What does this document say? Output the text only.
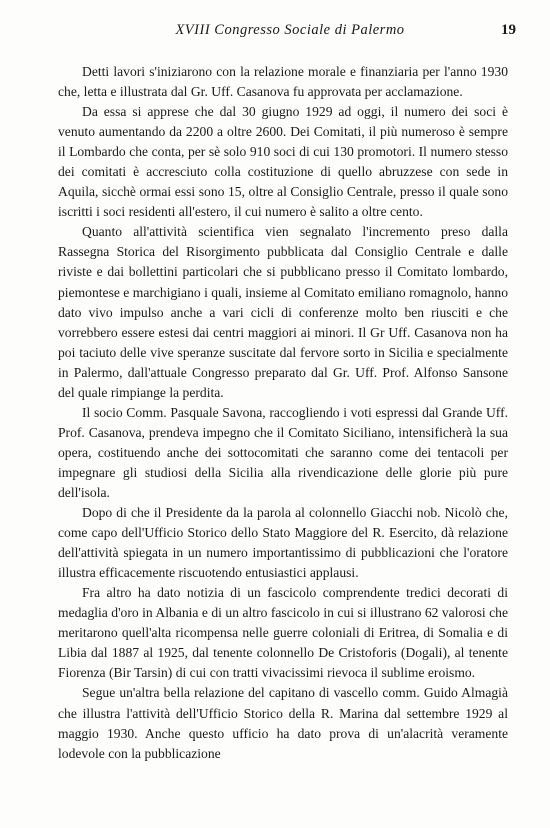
XVIII Congresso Sociale di Palermo	19

Detti lavori s'iniziarono con la relazione morale e finanziaria per l'anno 1930 che, letta e illustrata dal Gr. Uff. Casanova fu approvata per acclamazione.

Da essa si apprese che dal 30 giugno 1929 ad oggi, il numero dei soci è venuto aumentando da 2200 a oltre 2600. Dei Comitati, il più numeroso è sempre il Lombardo che conta, per sè solo 910 soci di cui 130 promotori. Il numero stesso dei comitati è accresciuto colla costituzione di quello abruzzese con sede in Aquila, sicchè ormai essi sono 15, oltre al Consiglio Centrale, presso il quale sono iscritti i soci residenti all'estero, il cui numero è salito a oltre cento.

Quanto all'attività scientifica vien segnalato l'incremento preso dalla Rassegna Storica del Risorgimento pubblicata dal Consiglio Centrale e dalle riviste e dai bollettini particolari che si pubblicano presso il Comitato lombardo, piemontese e marchigiano i quali, insieme al Comitato emiliano romagnolo, hanno dato vivo impulso anche a vari cicli di conferenze molto ben riusciti e che vorrebbero essere estesi dai centri maggiori ai minori. Il Gr Uff. Casanova non ha poi taciuto delle vive speranze suscitate dal fervore sorto in Sicilia e specialmente in Palermo, dall'attuale Congresso preparato dal Gr. Uff. Prof. Alfonso Sansone del quale rimpiange la perdita.

Il socio Comm. Pasquale Savona, raccogliendo i voti espressi dal Grande Uff. Prof. Casanova, prendeva impegno che il Comitato Siciliano, intensificherà la sua opera, costituendo anche dei sottocomitati che saranno come dei tentacoli per impegnare gli studiosi della Sicilia alla rivendicazione delle glorie più pure dell'isola.

Dopo di che il Presidente da la parola al colonnello Giacchi nob. Nicolò che, come capo dell'Ufficio Storico dello Stato Maggiore del R. Esercito, dà relazione dell'attività spiegata in un numero importantissimo di pubblicazioni che l'oratore illustra efficacemente riscuotendo entusiastici applausi.

Fra altro ha dato notizia di un fascicolo comprendente tredici decorati di medaglia d'oro in Albania e di un altro fascicolo in cui si illustrano 62 valorosi che meritarono quell'alta ricompensa nelle guerre coloniali di Eritrea, di Somalia e di Libia dal 1887 al 1925, dal tenente colonnello De Cristoforis (Dogali), al tenente Fiorenza (Bir Tarsin) di cui con tratti vivacissimi rievoca il sublime eroismo.

Segue un'altra bella relazione del capitano di vascello comm. Guido Almagià che illustra l'attività dell'Ufficio Storico della R. Marina dal settembre 1929 al maggio 1930. Anche questo ufficio ha dato prova di un'alacrità veramente lodevole con la pubblicazione
